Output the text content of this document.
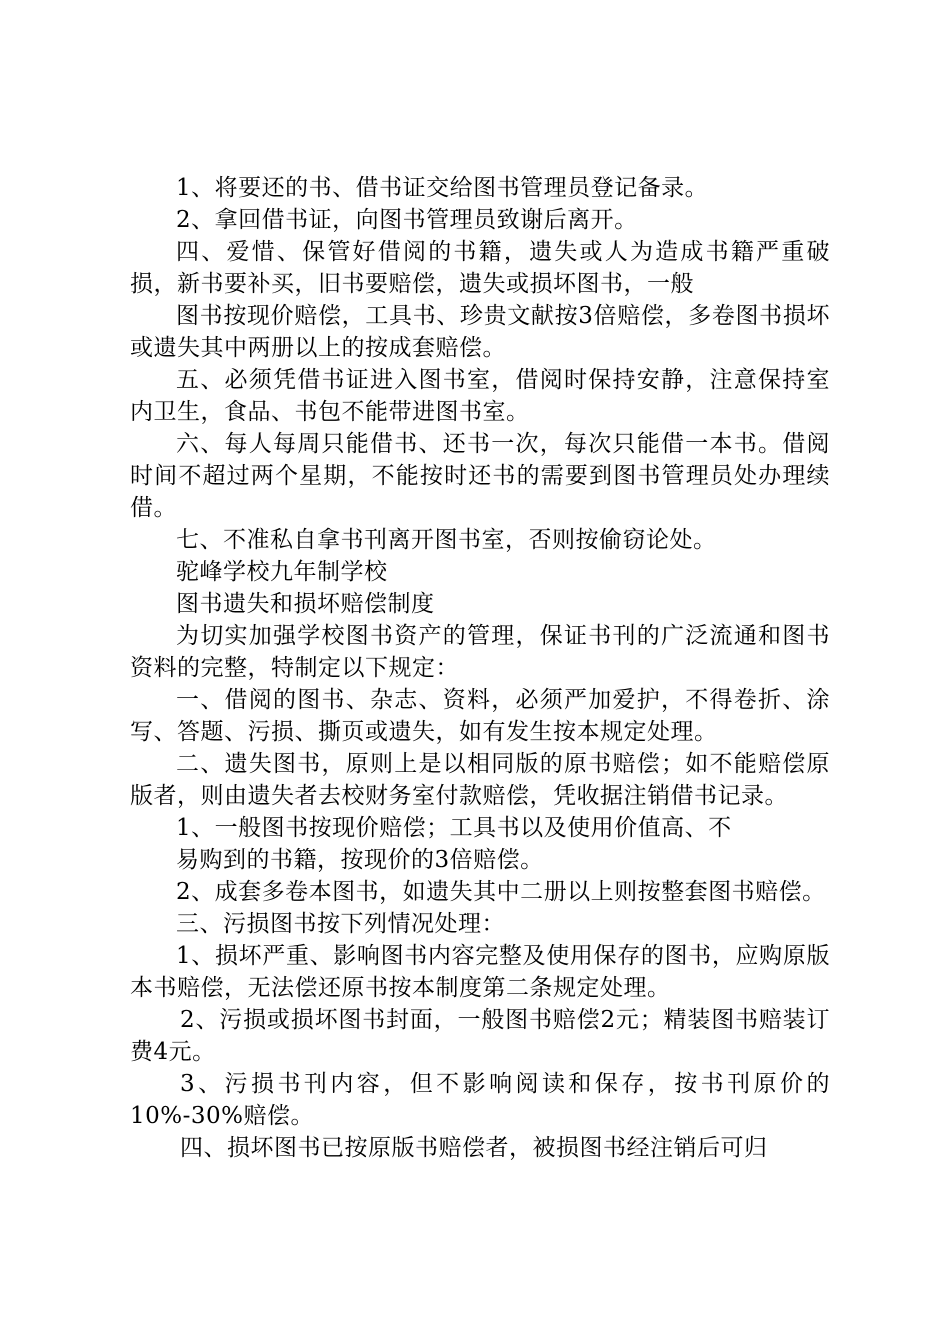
1、将要还的书、借书证交给图书管理员登记备录。

2、拿回借书证，向图书管理员致谢后离开。

四、爱惜、保管好借阅的书籍，遗失或人为造成书籍严重破损，新书要补买，旧书要赔偿，遗失或损坏图书，一般

图书按现价赔偿，工具书、珍贵文献按3倍赔偿，多卷图书损坏或遗失其中两册以上的按成套赔偿。

五、必须凭借书证进入图书室，借阅时保持安静，注意保持室内卫生，食品、书包不能带进图书室。

六、每人每周只能借书、还书一次，每次只能借一本书。借阅时间不超过两个星期，不能按时还书的需要到图书管理员处办理续借。

七、不准私自拿书刊离开图书室，否则按偷窃论处。

驼峰学校九年制学校

图书遗失和损坏赔偿制度

为切实加强学校图书资产的管理，保证书刊的广泛流通和图书资料的完整，特制定以下规定：

一、借阅的图书、杂志、资料，必须严加爱护，不得卷折、涂写、答题、污损、撕页或遗失，如有发生按本规定处理。

二、遗失图书，原则上是以相同版的原书赔偿；如不能赔偿原版者，则由遗失者去校财务室付款赔偿，凭收据注销借书记录。

1、一般图书按现价赔偿；工具书以及使用价值高、不

易购到的书籍，按现价的3倍赔偿。

2、成套多卷本图书，如遗失其中二册以上则按整套图书赔偿。

三、污损图书按下列情况处理：

1、损坏严重、影响图书内容完整及使用保存的图书，应购原版本书赔偿，无法偿还原书按本制度第二条规定处理。

2、污损或损坏图书封面，一般图书赔偿2元；精装图书赔装订费4元。

3、污损书刊内容，但不影响阅读和保存，按书刊原价的10%-30%赔偿。

四、损坏图书已按原版书赔偿者，被损图书经注销后可归
